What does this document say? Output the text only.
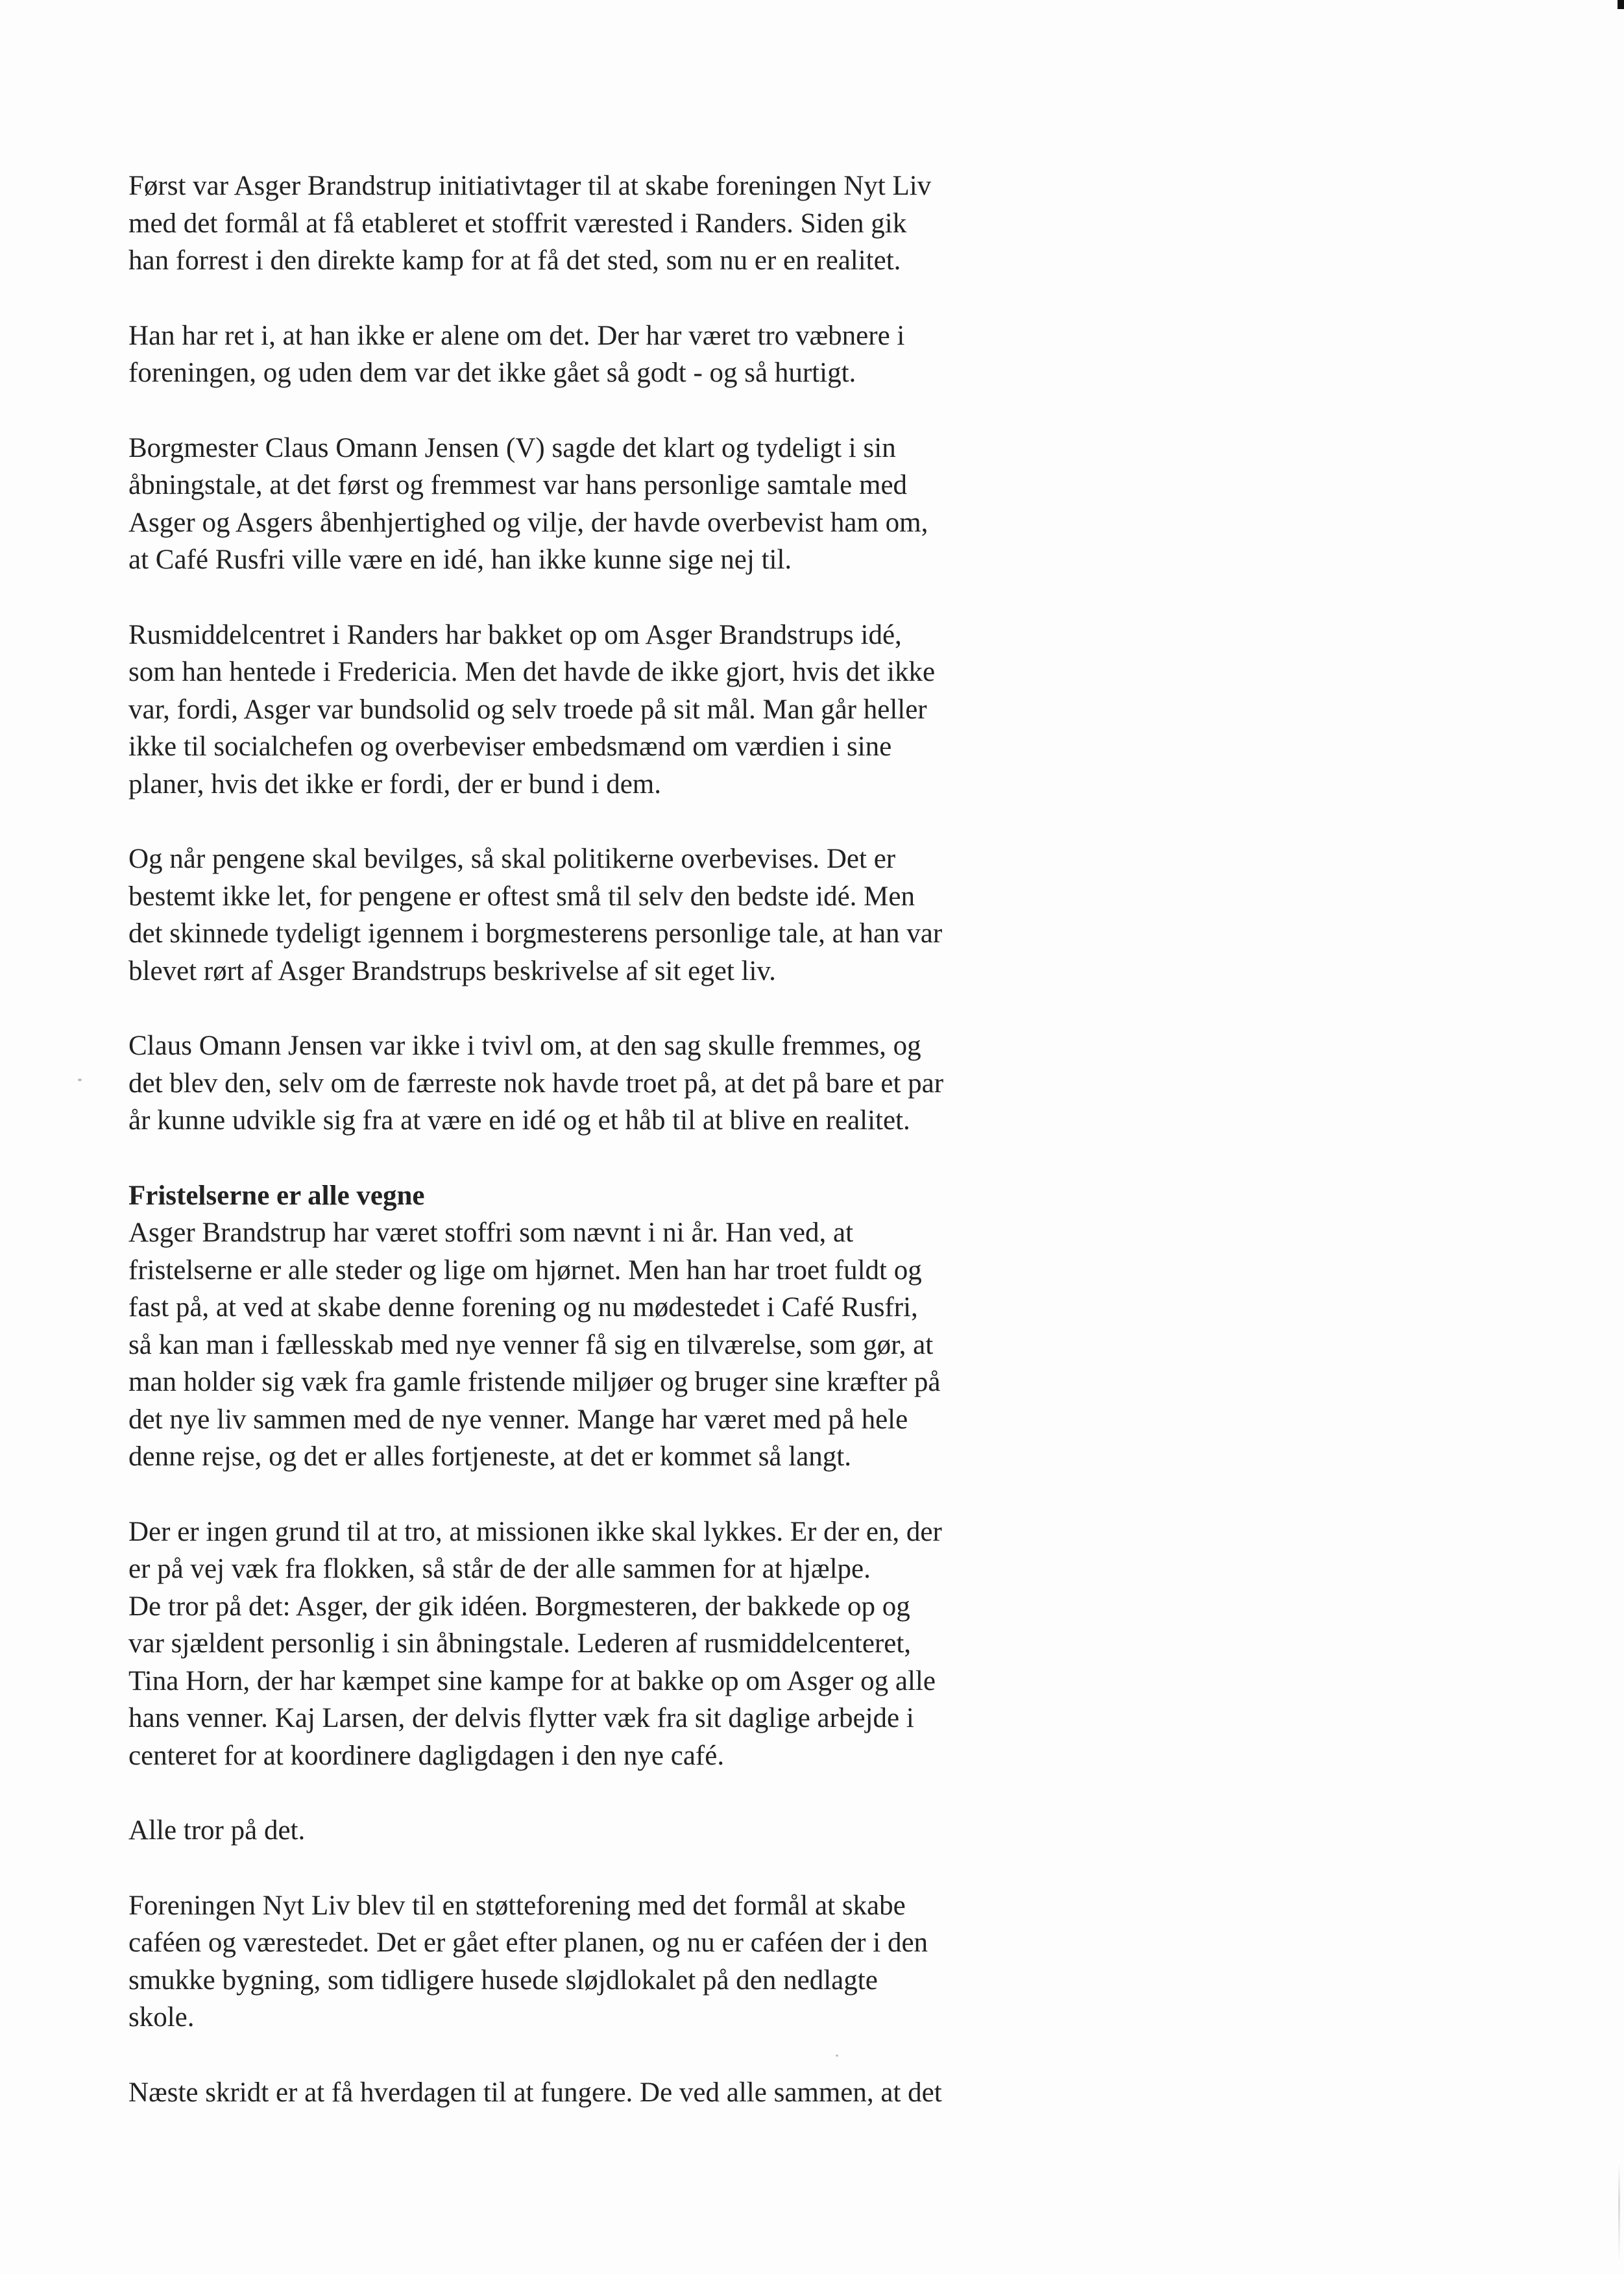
Først var Asger Brandstrup initiativtager til at skabe foreningen Nyt Liv
med det formål at få etableret et stoffrit værested i Randers. Siden gik
han forrest i den direkte kamp for at få det sted, som nu er en realitet.

Han har ret i, at han ikke er alene om det. Der har været tro væbnere i
foreningen, og uden dem var det ikke gået så godt - og så hurtigt.

Borgmester Claus Omann Jensen (V) sagde det klart og tydeligt i sin
åbningstale, at det først og fremmest var hans personlige samtale med
Asger og Asgers åbenhjertighed og vilje, der havde overbevist ham om,
at Café Rusfri ville være en idé, han ikke kunne sige nej til.

Rusmiddelcentret i Randers har bakket op om Asger Brandstrups idé,
som han hentede i Fredericia. Men det havde de ikke gjort, hvis det ikke
var, fordi, Asger var bundsolid og selv troede på sit mål. Man går heller
ikke til socialchefen og overbeviser embedsmænd om værdien i sine
planer, hvis det ikke er fordi, der er bund i dem.

Og når pengene skal bevilges, så skal politikerne overbevises. Det er
bestemt ikke let, for pengene er oftest små til selv den bedste idé. Men
det skinnede tydeligt igennem i borgmesterens personlige tale, at han var
blevet rørt af Asger Brandstrups beskrivelse af sit eget liv.

Claus Omann Jensen var ikke i tvivl om, at den sag skulle fremmes, og
det blev den, selv om de færreste nok havde troet på, at det på bare et par
år kunne udvikle sig fra at være en idé og et håb til at blive en realitet.

Fristelserne er alle vegne

Asger Brandstrup har været stoffri som nævnt i ni år. Han ved, at
fristelserne er alle steder og lige om hjørnet. Men han har troet fuldt og
fast på, at ved at skabe denne forening og nu mødestedet i Café Rusfri,
så kan man i fællesskab med nye venner få sig en tilværelse, som gør, at
man holder sig væk fra gamle fristende miljøer og bruger sine kræfter på
det nye liv sammen med de nye venner. Mange har været med på hele
denne rejse, og det er alles fortjeneste, at det er kommet så langt.

Der er ingen grund til at tro, at missionen ikke skal lykkes. Er der en, der
er på vej væk fra flokken, så står de der alle sammen for at hjælpe.
De tror på det: Asger, der gik idéen. Borgmesteren, der bakkede op og
var sjældent personlig i sin åbningstale. Lederen af rusmiddelcenteret,
Tina Horn, der har kæmpet sine kampe for at bakke op om Asger og alle
hans venner. Kaj Larsen, der delvis flytter væk fra sit daglige arbejde i
centeret for at koordinere dagligdagen i den nye café.

Alle tror på det.

Foreningen Nyt Liv blev til en støtteforening med det formål at skabe
caféen og værestedet. Det er gået efter planen, og nu er caféen der i den
smukke bygning, som tidligere husede sløjdlokalet på den nedlagte
skole.

Næste skridt er at få hverdagen til at fungere. De ved alle sammen, at det
